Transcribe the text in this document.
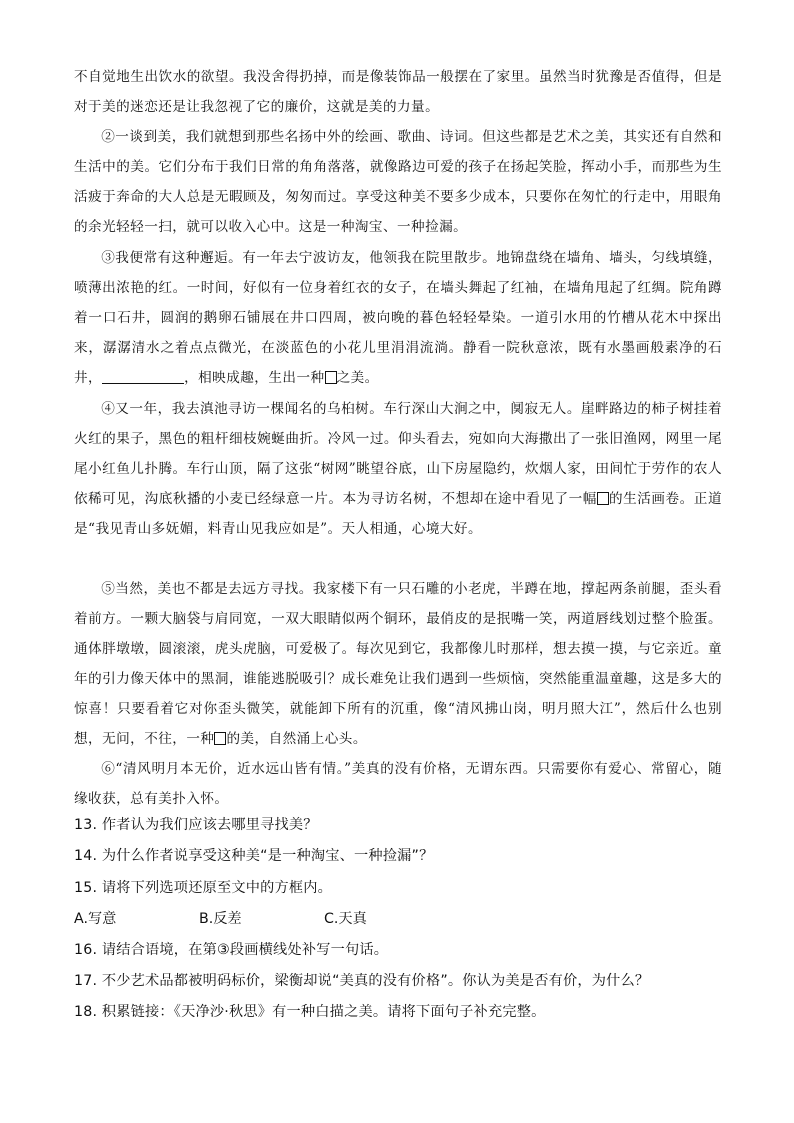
不自觉地生出饮水的欲望。我没舍得扔掉，而是像装饰品一般摆在了家里。虽然当时犹豫是否值得，但是对于美的迷恋还是让我忽视了它的廉价，这就是美的力量。

②一谈到美，我们就想到那些名扬中外的绘画、歌曲、诗词。但这些都是艺术之美，其实还有自然和生活中的美。它们分布于我们日常的角角落落，就像路边可爱的孩子在扬起笑脸，挥动小手，而那些为生活疲于奔命的大人总是无暇顾及，匆匆而过。享受这种美不要多少成本，只要你在匆忙的行走中，用眼角的余光轻轻一扫，就可以收入心中。这是一种淘宝、一种捡漏。

③我便常有这种邂逅。有一年去宁波访友，他领我在院里散步。地锦盘绕在墙角、墙头，匀线填缝，喷薄出浓艳的红。一时间，好似有一位身着红衣的女子，在墙头舞起了红袖，在墙角甩起了红绸。院角蹲着一口石井，圆润的鹅卵石铺展在井口四周，被向晚的暮色轻轻晕染。一道引水用的竹槽从花木中探出来，潺潺清水之着点点微光，在淡蓝色的小花儿里涓涓流淌。静看一院秋意浓，既有水墨画般素净的石井，	，相映成趣，生出一种 之美。

④又一年，我去滇池寻访一棵闻名的乌桕树。车行深山大涧之中，阒寂无人。崖畔路边的柿子树挂着火红的果子，黑色的粗杆细枝婉蜒曲折。冷风一过。仰头看去，宛如向大海撒出了一张旧渔网，网里一尾尾小红鱼儿扑腾。车行山顶，隔了这张“树网”眺望谷底，山下房屋隐约，炊烟人家，田间忙于劳作的农人依稀可见，沟底秋播的小麦已经绿意一片。本为寻访名树，不想却在途中看见了一幅 的生活画卷。正道是“我见青山多妩媚，料青山见我应如是”。天人相通，心境大好。

⑤当然，美也不都是去远方寻找。我家楼下有一只石雕的小老虎，半蹲在地，撑起两条前腿，歪头看着前方。一颗大脑袋与肩同宽，一双大眼睛似两个铜环，最俏皮的是抿嘴一笑，两道唇线划过整个脸蛋。通体胖墩墩，圆滚滚，虎头虎脑，可爱极了。每次见到它，我都像儿时那样，想去摸一摸，与它亲近。童年的引力像天体中的黑洞，谁能逃脱吸引？成长难免让我们遇到一些烦恼，突然能重温童趣，这是多大的惊喜！只要看着它对你歪头微笑，就能卸下所有的沉重，像“清风拂山岗，明月照大江”，然后什么也别想，无问，不往，一种 的美，自然涌上心头。

⑥“清风明月本无价，近水远山皆有情。”美真的没有价格，无谓东西。只需要你有爱心、常留心，随缘收获，总有美扑入怀。

13. 作者认为我们应该去哪里寻找美？

14. 为什么作者说享受这种美“是一种淘宝、一种捡漏”？

15. 请将下列选项还原至文中的方框内。

A.写意	B.反差	C.天真

16. 请结合语境，在第③段画横线处补写一句话。

17. 不少艺术品都被明码标价，梁衡却说“美真的没有价格”。你认为美是否有价，为什么？

18. 积累链接：《天净沙·秋思》有一种白描之美。请将下面句子补充完整。
